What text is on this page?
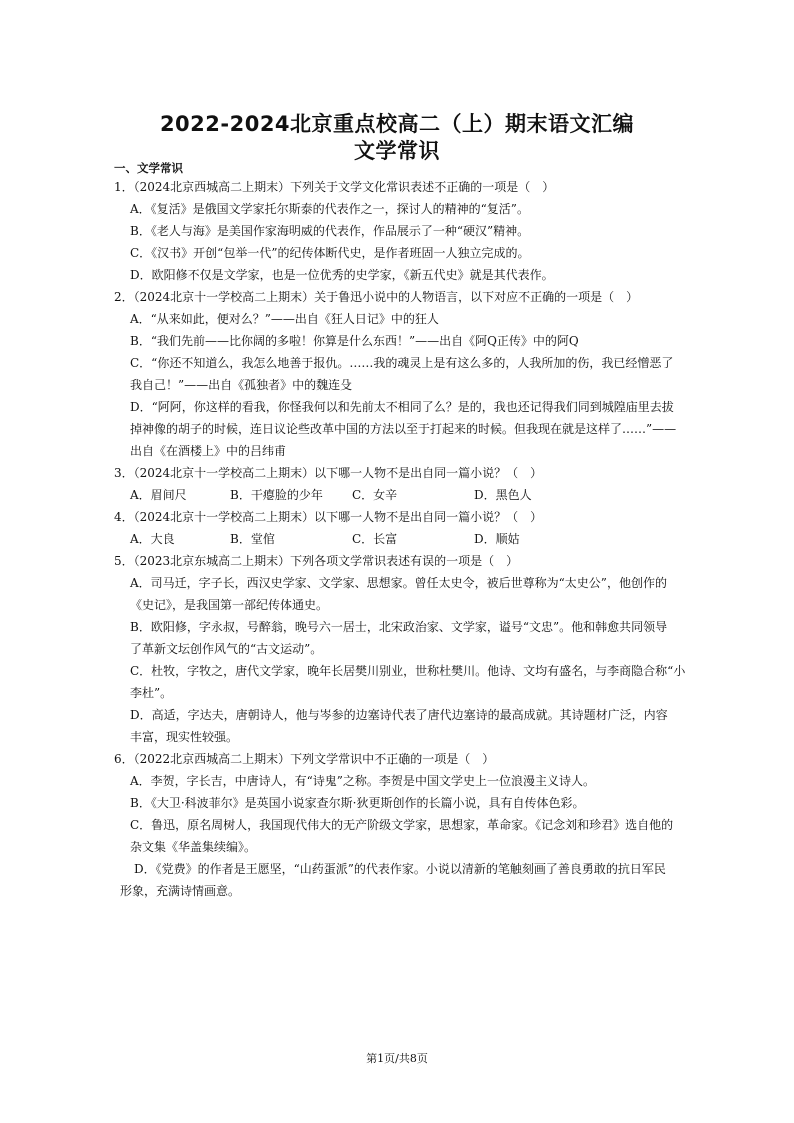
2022-2024北京重点校高二（上）期末语文汇编
文学常识
一、文学常识

1．（2024北京西城高二上期末）下列关于文学文化常识表述不正确的一项是（　）

A．《复活》是俄国文学家托尔斯泰的代表作之一，探讨人的精神的“复活”。

B．《老人与海》是美国作家海明威的代表作，作品展示了一种“硬汉”精神。

C．《汉书》开创“包举一代”的纪传体断代史，是作者班固一人独立完成的。

D．欧阳修不仅是文学家，也是一位优秀的史学家，《新五代史》就是其代表作。

2．（2024北京十一学校高二上期末）关于鲁迅小说中的人物语言，以下对应不正确的一项是（　）

A．“从来如此，便对么？”——出自《狂人日记》中的狂人

B．“我们先前——比你阔的多啦！你算是什么东西！”——出自《阿Q正传》中的阿Q

C．“你还不知道么，我怎么地善于报仇。……我的魂灵上是有这么多的，人我所加的伤，我已经憎恶了

我自己！”——出自《孤独者》中的魏连殳

D．“阿阿，你这样的看我，你怪我何以和先前太不相同了么？是的，我也还记得我们同到城隍庙里去拔

掉神像的胡子的时候，连日议论些改革中国的方法以至于打起来的时候。但我现在就是这样了……”——

出自《在酒楼上》中的吕纬甫

3．（2024北京十一学校高二上期末）以下哪一人物不是出自同一篇小说？（　）

A．眉间尺	B．干瘪脸的少年	C．女辛	D．黑色人

4．（2024北京十一学校高二上期末）以下哪一人物不是出自同一篇小说？（　）

A．大良	B．堂倌	C．长富	D．顺姑

5．（2023北京东城高二上期末）下列各项文学常识表述有误的一项是（　）

A．司马迁，字子长，西汉史学家、文学家、思想家。曾任太史令，被后世尊称为“太史公”，他创作的

《史记》，是我国第一部纪传体通史。

B．欧阳修，字永叔，号醉翁，晚号六一居士，北宋政治家、文学家，谥号“文忠”。他和韩愈共同领导

了革新文坛创作风气的“古文运动”。

C．杜牧，字牧之，唐代文学家，晚年长居樊川别业，世称杜樊川。他诗、文均有盛名，与李商隐合称“小

李杜”。

D．高适，字达夫，唐朝诗人，他与岑参的边塞诗代表了唐代边塞诗的最高成就。其诗题材广泛，内容

丰富，现实性较强。

6．（2022北京西城高二上期末）下列文学常识中不正确的一项是（　）

A．李贺，字长吉，中唐诗人，有“诗鬼”之称。李贺是中国文学史上一位浪漫主义诗人。

B．《大卫·科波菲尔》是英国小说家查尔斯·狄更斯创作的长篇小说，具有自传体色彩。

C．鲁迅，原名周树人，我国现代伟大的无产阶级文学家，思想家，革命家。《记念刘和珍君》选自他的

杂文集《华盖集续编》。

D．《党费》的作者是王愿坚，“山药蛋派”的代表作家。小说以清新的笔触刻画了善良勇敢的抗日军民

形象，充满诗情画意。

第1页/共8页
